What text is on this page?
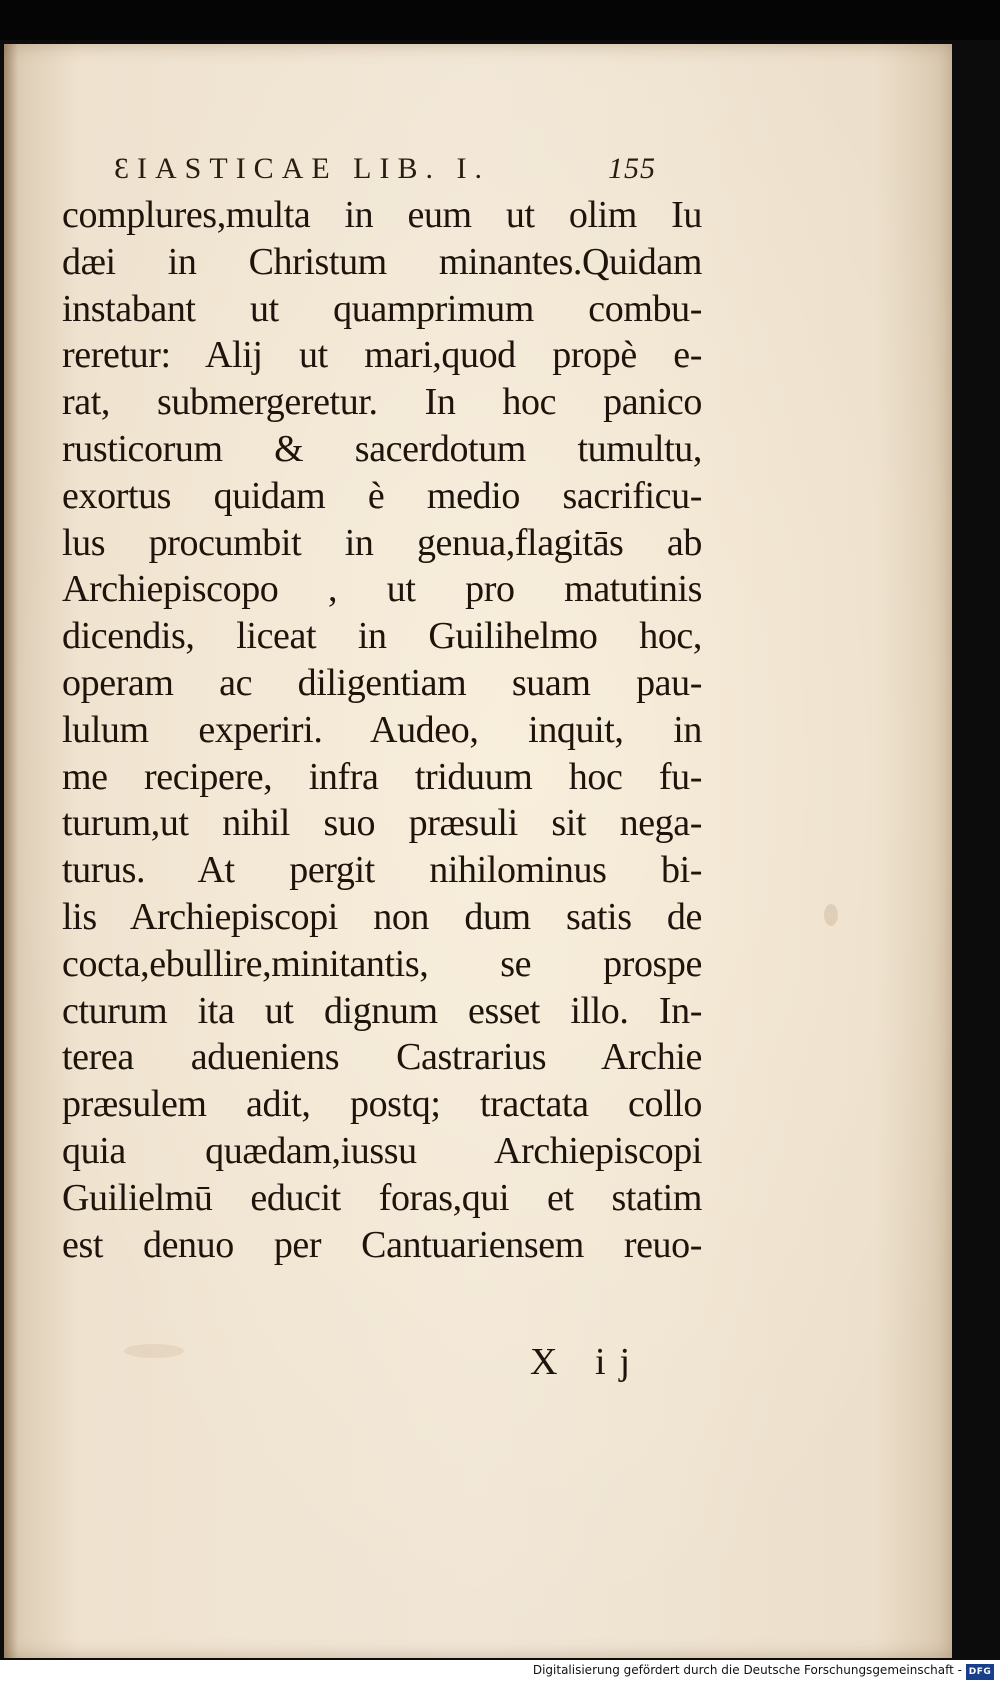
ƐIASTICAE LIB. I.	155
complures,multa in eum ut olim Iu
dæi in Christum minantes.Quidam
instabant ut quamprimum combu-
reretur: Alij ut mari,quod propè e-
rat, submergeretur. In hoc panico
rusticorum & sacerdotum tumultu,
exortus quidam è medio sacrificu-
lus procumbit in genua,flagitās ab
Archiepiscopo , ut pro matutinis
dicendis, liceat in Guilihelmo hoc,
operam ac diligentiam suam pau-
lulum experiri. Audeo, inquit, in
me recipere, infra triduum hoc fu-
turum,ut nihil suo præsuli sit nega-
turus. At pergit nihilominus bi-
lis Archiepiscopi non dum satis de
cocta,ebullire,minitantis, se prospe
cturum ita ut dignum esset illo. In-
terea adueniens Castrarius Archie
præsulem adit, postq; tractata collo
quia quædam,iussu Archiepiscopi
Guilielmū educit foras,qui et statim
est denuo per Cantuariensem reuo-
X ij
Digitalisierung gefördert durch die Deutsche Forschungsgemeinschaft - DFG
